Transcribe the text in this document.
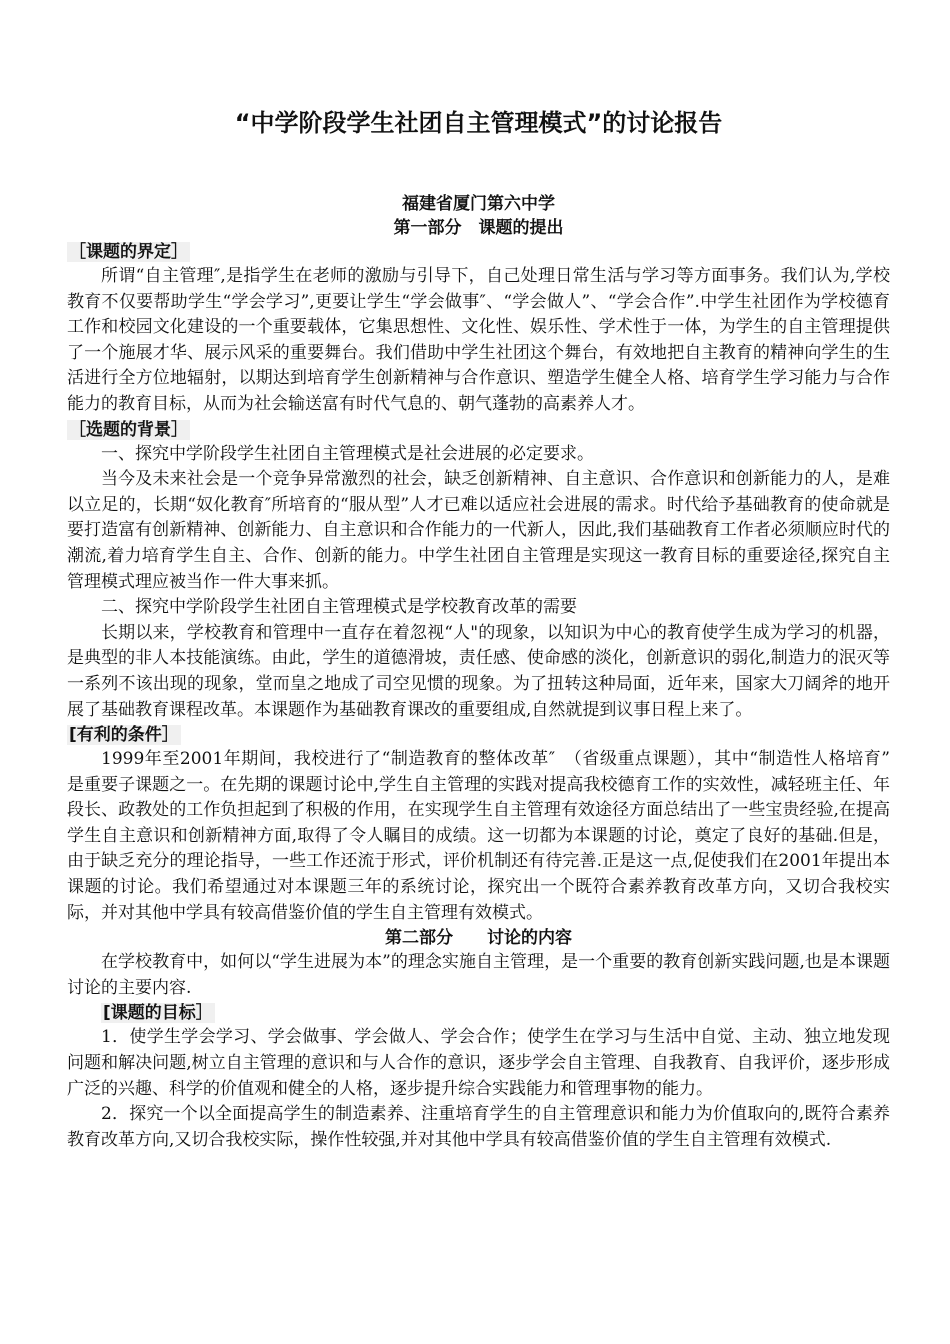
“中学阶段学生社团自主管理模式”的讨论报告
福建省厦门第六中学
第一部分　课题的提出
［课题的界定］

所谓“自主管理″,是指学生在老师的激励与引导下，自己处理日常生活与学习等方面事务。我们认为,学校教育不仅要帮助学生“学会学习”,更要让学生“学会做事″、“学会做人”、“学会合作”.中学生社团作为学校德育工作和校园文化建设的一个重要载体，它集思想性、文化性、娱乐性、学术性于一体，为学生的自主管理提供了一个施展才华、展示风采的重要舞台。我们借助中学生社团这个舞台，有效地把自主教育的精神向学生的生活进行全方位地辐射，以期达到培育学生创新精神与合作意识、塑造学生健全人格、培育学生学习能力与合作能力的教育目标，从而为社会输送富有时代气息的、朝气蓬勃的高素养人才。

［选题的背景］

一、探究中学阶段学生社团自主管理模式是社会进展的必定要求。

当今及未来社会是一个竞争异常激烈的社会，缺乏创新精神、自主意识、合作意识和创新能力的人，是难以立足的，长期“奴化教育″所培育的“服从型”人才已难以适应社会进展的需求。时代给予基础教育的使命就是要打造富有创新精神、创新能力、自主意识和合作能力的一代新人，因此,我们基础教育工作者必须顺应时代的潮流,着力培育学生自主、合作、创新的能力。中学生社团自主管理是实现这一教育目标的重要途径,探究自主管理模式理应被当作一件大事来抓。

二、探究中学阶段学生社团自主管理模式是学校教育改革的需要

长期以来，学校教育和管理中一直存在着忽视“人"的现象，以知识为中心的教育使学生成为学习的机器，是典型的非人本技能演练。由此，学生的道德滑坡，责任感、使命感的淡化，创新意识的弱化,制造力的泯灭等一系列不该出现的现象，堂而皇之地成了司空见惯的现象。为了扭转这种局面，近年来，国家大刀阔斧的地开展了基础教育课程改革。本课题作为基础教育课改的重要组成,自然就提到议事日程上来了。

[有利的条件］

1999年至2001年期间，我校进行了“制造教育的整体改革″　（省级重点课题），其中“制造性人格培育”　是重要子课题之一。在先期的课题讨论中,学生自主管理的实践对提高我校德育工作的实效性，减轻班主任、年段长、政教处的工作负担起到了积极的作用，在实现学生自主管理有效途径方面总结出了一些宝贵经验,在提高学生自主意识和创新精神方面,取得了令人瞩目的成绩。这一切都为本课题的讨论，奠定了良好的基础.但是，由于缺乏充分的理论指导，一些工作还流于形式，评价机制还有待完善.正是这一点,促使我们在2001年提出本课题的讨论。我们希望通过对本课题三年的系统讨论，探究出一个既符合素养教育改革方向，又切合我校实际，并对其他中学具有较高借鉴价值的学生自主管理有效模式。

第二部分　　讨论的内容

在学校教育中，如何以“学生进展为本”的理念实施自主管理，是一个重要的教育创新实践问题,也是本课题讨论的主要内容.

[课题的目标］

1．使学生学会学习、学会做事、学会做人、学会合作；使学生在学习与生活中自觉、主动、独立地发现问题和解决问题,树立自主管理的意识和与人合作的意识，逐步学会自主管理、自我教育、自我评价，逐步形成广泛的兴趣、科学的价值观和健全的人格，逐步提升综合实践能力和管理事物的能力。

2．探究一个以全面提高学生的制造素养、注重培育学生的自主管理意识和能力为价值取向的,既符合素养教育改革方向,又切合我校实际，操作性较强,并对其他中学具有较高借鉴价值的学生自主管理有效模式.
